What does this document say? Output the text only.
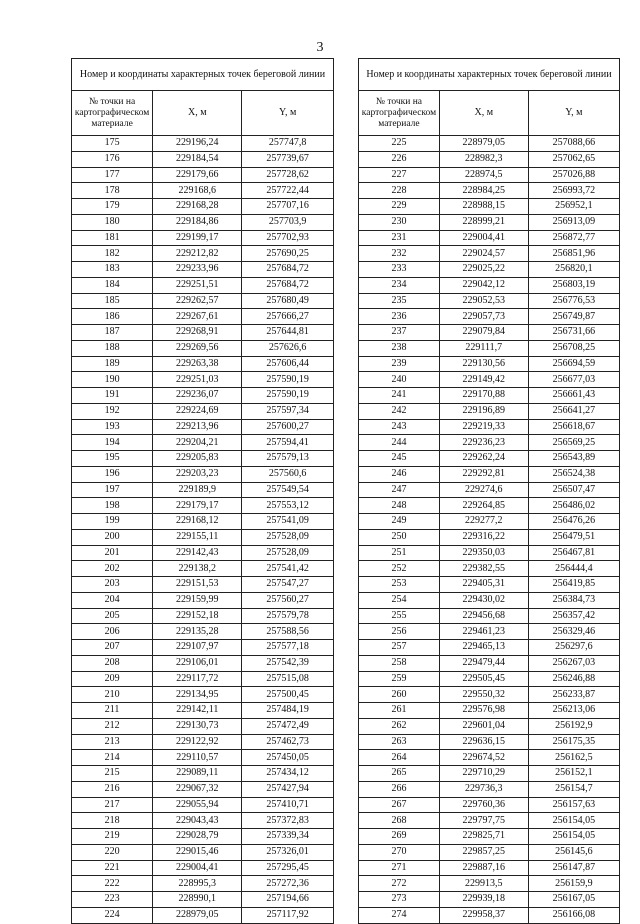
3
Номер и координаты характерных точек береговой линии		
№ точки на картографическом материале	X, м	Y, м
175	229196,24	257747,8
176	229184,54	257739,67
177	229179,66	257728,62
178	229168,6	257722,44
179	229168,28	257707,16
180	229184,86	257703,9
181	229199,17	257702,93
182	229212,82	257690,25
183	229233,96	257684,72
184	229251,51	257684,72
185	229262,57	257680,49
186	229267,61	257666,27
187	229268,91	257644,81
188	229269,56	257626,6
189	229263,38	257606,44
190	229251,03	257590,19
191	229236,07	257590,19
192	229224,69	257597,34
193	229213,96	257600,27
194	229204,21	257594,41
195	229205,83	257579,13
196	229203,23	257560,6
197	229189,9	257549,54
198	229179,17	257553,12
199	229168,12	257541,09
200	229155,11	257528,09
201	229142,43	257528,09
202	229138,2	257541,42
203	229151,53	257547,27
204	229159,99	257560,27
205	229152,18	257579,78
206	229135,28	257588,56
207	229107,97	257577,18
208	229106,01	257542,39
209	229117,72	257515,08
210	229134,95	257500,45
211	229142,11	257484,19
212	229130,73	257472,49
213	229122,92	257462,73
214	229110,57	257450,05
215	229089,11	257434,12
216	229067,32	257427,94
217	229055,94	257410,71
218	229043,43	257372,83
219	229028,79	257339,34
220	229015,46	257326,01
221	229004,41	257295,45
222	228995,3	257272,36
223	228990,1	257194,66
224	228979,05	257117,92
Номер и координаты характерных точек береговой линии		
№ точки на картографическом материале	X, м	Y, м
225	228979,05	257088,66
226	228982,3	257062,65
227	228974,5	257026,88
228	228984,25	256993,72
229	228988,15	256952,1
230	228999,21	256913,09
231	229004,41	256872,77
232	229024,57	256851,96
233	229025,22	256820,1
234	229042,12	256803,19
235	229052,53	256776,53
236	229057,73	256749,87
237	229079,84	256731,66
238	229111,7	256708,25
239	229130,56	256694,59
240	229149,42	256677,03
241	229170,88	256661,43
242	229196,89	256641,27
243	229219,33	256618,67
244	229236,23	256569,25
245	229262,24	256543,89
246	229292,81	256524,38
247	229274,6	256507,47
248	229264,85	256486,02
249	229277,2	256476,26
250	229316,22	256479,51
251	229350,03	256467,81
252	229382,55	256444,4
253	229405,31	256419,85
254	229430,02	256384,73
255	229456,68	256357,42
256	229461,23	256329,46
257	229465,13	256297,6
258	229479,44	256267,03
259	229505,45	256246,88
260	229550,32	256233,87
261	229576,98	256213,06
262	229601,04	256192,9
263	229636,15	256175,35
264	229674,52	256162,5
265	229710,29	256152,1
266	229736,3	256154,7
267	229760,36	256157,63
268	229797,75	256154,05
269	229825,71	256154,05
270	229857,25	256145,6
271	229887,16	256147,87
272	229913,5	256159,9
273	229939,18	256167,05
274	229958,37	256166,08
